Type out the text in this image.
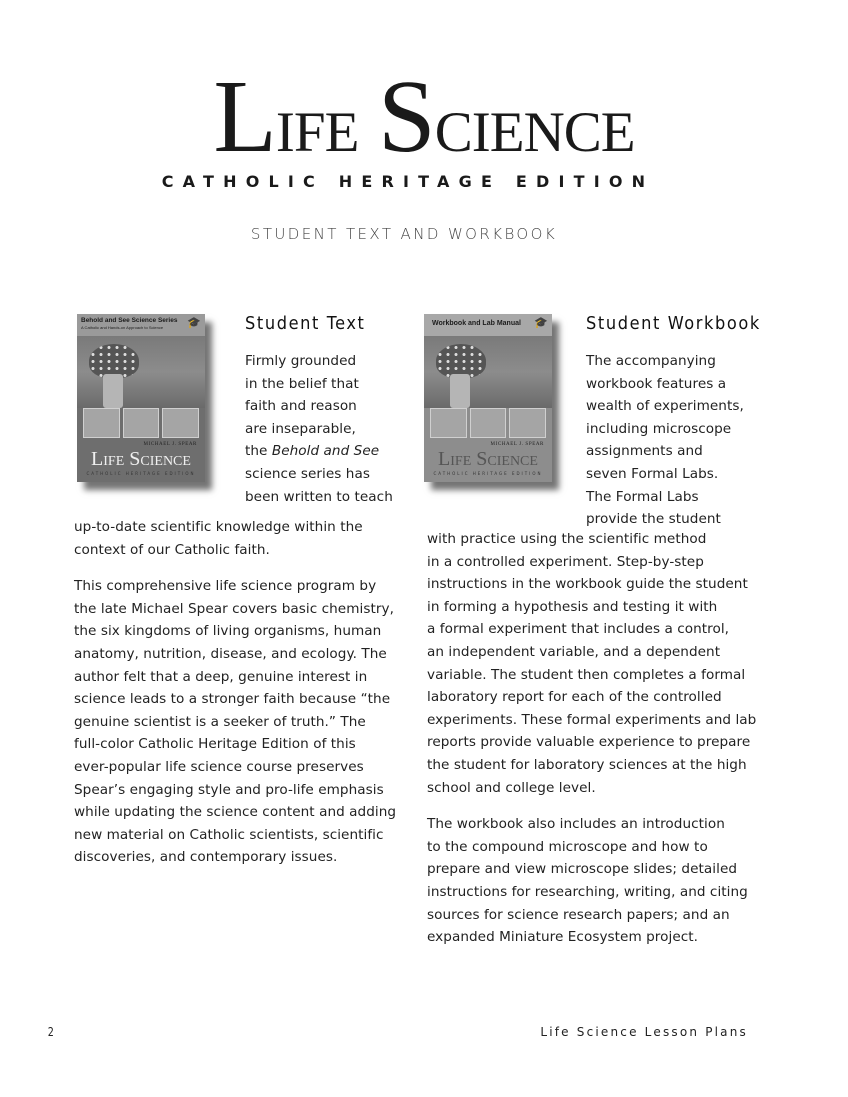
Life Science
CATHOLIC HERITAGE EDITION
STUDENT TEXT AND WORKBOOK
Behold and See Science Series
A Catholic and Hands-on Approach to Science	🎓
MICHAEL J. SPEAR
Life Science
CATHOLIC HERITAGE EDITION
Student Text
Firmly grounded
in the belief that
faith and reason
are inseparable,
the Behold and See
science series has
been written to teach
up-to-date scientific knowledge within the
context of our Catholic faith.
This comprehensive life science program by
the late Michael Spear covers basic chemistry,
the six kingdoms of living organisms, human
anatomy, nutrition, disease, and ecology. The
author felt that a deep, genuine interest in
science leads to a stronger faith because “the
genuine scientist is a seeker of truth.” The
full-color Catholic Heritage Edition of this
ever-popular life science course preserves
Spear’s engaging style and pro-life emphasis
while updating the science content and adding
new material on Catholic scientists, scientific
discoveries, and contemporary issues.
Workbook and Lab Manual	🎓
MICHAEL J. SPEAR
Life Science
CATHOLIC HERITAGE EDITION
Student Workbook
The accompanying
workbook features a
wealth of experiments,
including microscope
assignments and
seven Formal Labs.
The Formal Labs
provide the student
with practice using the scientific method
in a controlled experiment. Step-by-step
instructions in the workbook guide the student
in forming a hypothesis and testing it with
a formal experiment that includes a control,
an independent variable, and a dependent
variable. The student then completes a formal
laboratory report for each of the controlled
experiments. These formal experiments and lab
reports provide valuable experience to prepare
the student for laboratory sciences at the high
school and college level.
The workbook also includes an introduction
to the compound microscope and how to
prepare and view microscope slides; detailed
instructions for researching, writing, and citing
sources for science research papers; and an
expanded Miniature Ecosystem project.
2	Life Science Lesson Plans
